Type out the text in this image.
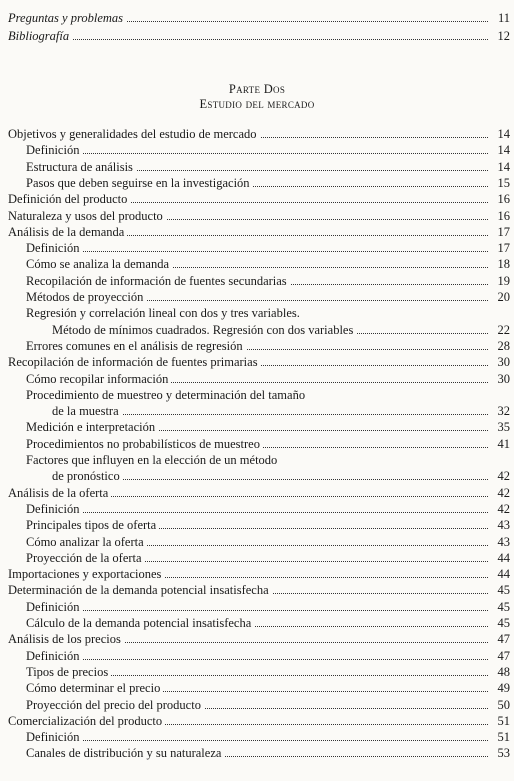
Preguntas y problemas	11
Bibliografía	12
Parte Dos
Estudio del mercado
Objetivos y generalidades del estudio de mercado	14
Definición	14
Estructura de análisis	14
Pasos que deben seguirse en la investigación	15
Definición del producto	16
Naturaleza y usos del producto	16
Análisis de la demanda	17
Definición	17
Cómo se analiza la demanda	18
Recopilación de información de fuentes secundarias	19
Métodos de proyección	20
Regresión y correlación lineal con dos y tres variables.
Método de mínimos cuadrados. Regresión con dos variables	22
Errores comunes en el análisis de regresión	28
Recopilación de información de fuentes primarias	30
Cómo recopilar información	30
Procedimiento de muestreo y determinación del tamaño
de la muestra	32
Medición e interpretación	35
Procedimientos no probabilísticos de muestreo	41
Factores que influyen en la elección de un método
de pronóstico	42
Análisis de la oferta	42
Definición	42
Principales tipos de oferta	43
Cómo analizar la oferta	43
Proyección de la oferta	44
Importaciones y exportaciones	44
Determinación de la demanda potencial insatisfecha	45
Definición	45
Cálculo de la demanda potencial insatisfecha	45
Análisis de los precios	47
Definición	47
Tipos de precios	48
Cómo determinar el precio	49
Proyección del precio del producto	50
Comercialización del producto	51
Definición	51
Canales de distribución y su naturaleza	53
